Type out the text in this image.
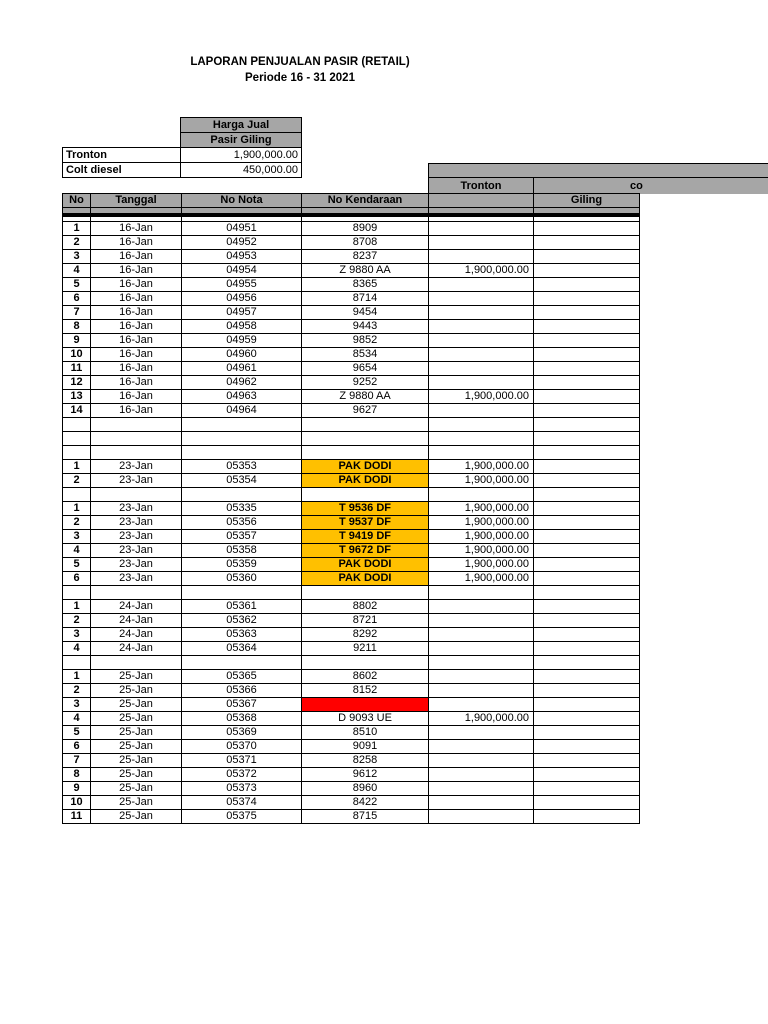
LAPORAN PENJUALAN PASIR (RETAIL)
Periode 16 - 31 2021
Harga Jual
Pasir Giling
Tronton	1,900,000.00
Colt diesel	450,000.00
Tronton	co
No	Tanggal	No Nota	No Kendaraan		Giling

1	16-Jan	04951	8909		
2	16-Jan	04952	8708		
3	16-Jan	04953	8237		
4	16-Jan	04954	Z 9880 AA	1,900,000.00	
5	16-Jan	04955	8365		
6	16-Jan	04956	8714		
7	16-Jan	04957	9454		
8	16-Jan	04958	9443		
9	16-Jan	04959	9852		
10	16-Jan	04960	8534		
11	16-Jan	04961	9654		
12	16-Jan	04962	9252		
13	16-Jan	04963	Z 9880 AA	1,900,000.00	
14	16-Jan	04964	9627		

1	23-Jan	05353	PAK DODI	1,900,000.00	
2	23-Jan	05354	PAK DODI	1,900,000.00	

1	23-Jan	05335	T 9536 DF	1,900,000.00	
2	23-Jan	05356	T 9537 DF	1,900,000.00	
3	23-Jan	05357	T 9419 DF	1,900,000.00	
4	23-Jan	05358	T 9672 DF	1,900,000.00	
5	23-Jan	05359	PAK DODI	1,900,000.00	
6	23-Jan	05360	PAK DODI	1,900,000.00	

1	24-Jan	05361	8802		
2	24-Jan	05362	8721		
3	24-Jan	05363	8292		
4	24-Jan	05364	9211		

1	25-Jan	05365	8602		
2	25-Jan	05366	8152		
3	25-Jan	05367			
4	25-Jan	05368	D 9093 UE	1,900,000.00	
5	25-Jan	05369	8510		
6	25-Jan	05370	9091		
7	25-Jan	05371	8258		
8	25-Jan	05372	9612		
9	25-Jan	05373	8960		
10	25-Jan	05374	8422		
11	25-Jan	05375	8715		
